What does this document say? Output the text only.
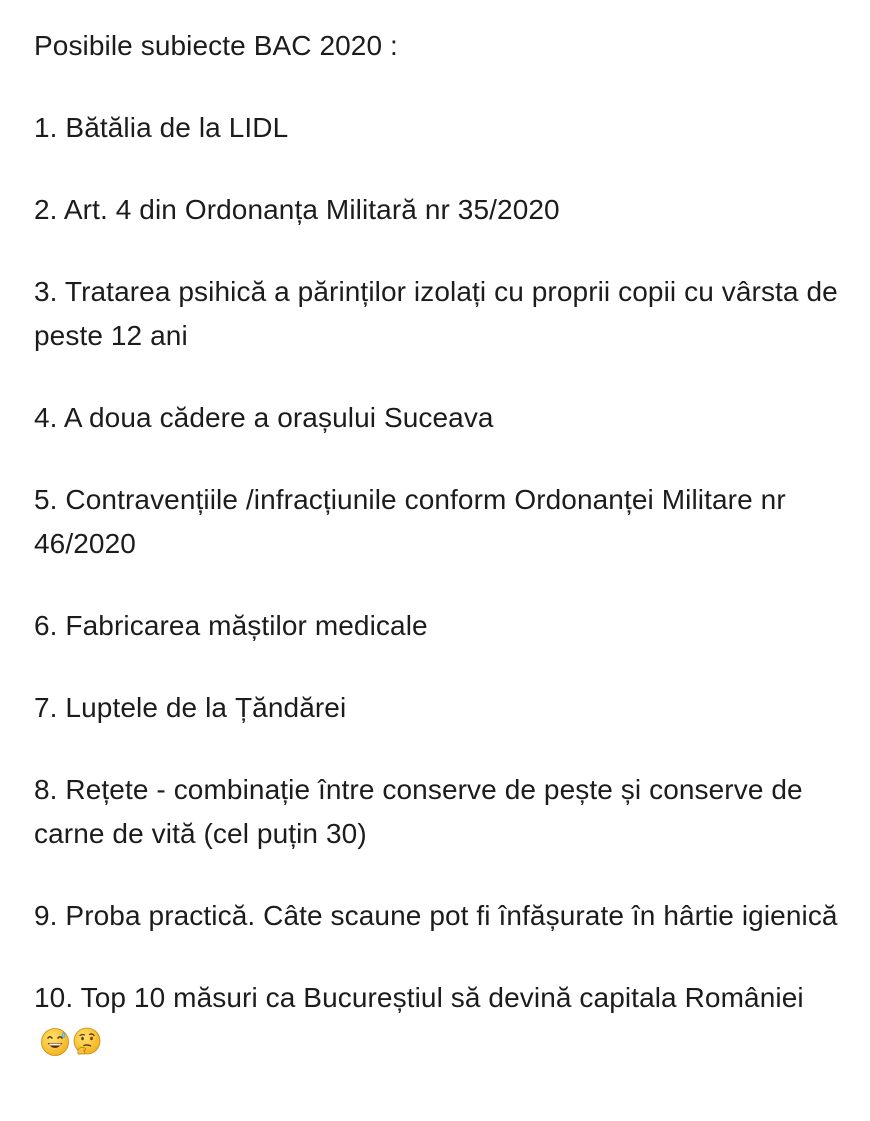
Posibile subiecte BAC 2020 :
1. Bătălia de la LIDL
2. Art. 4 din Ordonanța Militară nr 35/2020
3. Tratarea psihică a părinților izolați cu proprii copii cu vârsta de peste 12 ani
4. A doua cădere a orașului Suceava
5. Contravențiile /infracțiunile conform Ordonanței Militare nr 46/2020
6. Fabricarea măștilor medicale
7. Luptele de la Țăndărei
8. Rețete - combinație între conserve de pește și conserve de carne de vită (cel puțin 30)
9. Proba practică. Câte scaune pot fi înfășurate în hârtie igienică
10. Top 10 măsuri ca Bucureștiul să devină capitala României
